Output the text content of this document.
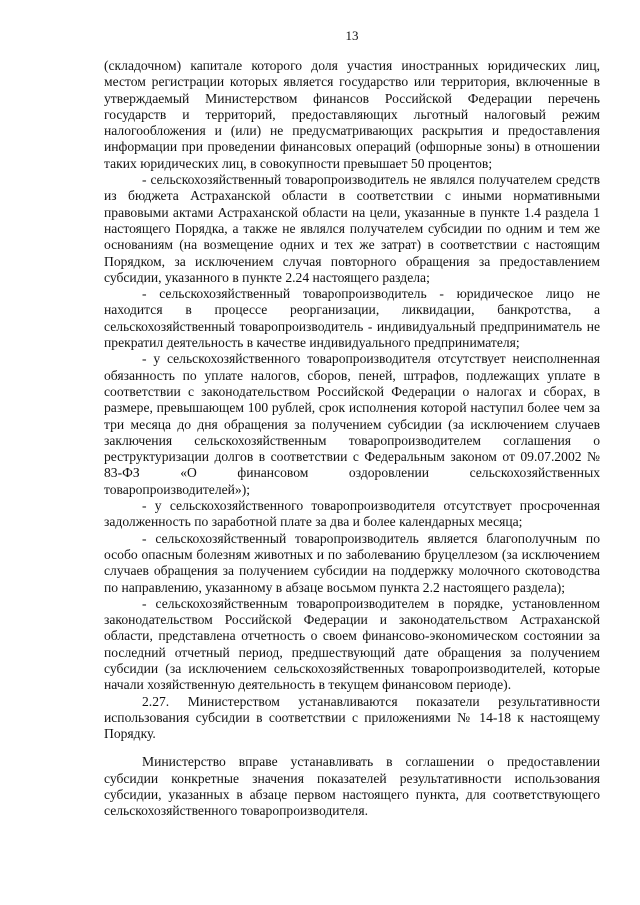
13

(складочном) капитале которого доля участия иностранных юридических лиц, местом регистрации которых является государство или территория, включенные в утверждаемый Министерством финансов Российской Федерации перечень государств и территорий, предоставляющих льготный налоговый режим налогообложения и (или) не предусматривающих раскрытия и предоставления информации при проведении финансовых операций (офшорные зоны) в отношении таких юридических лиц, в совокупности превышает 50 процентов;

- сельскохозяйственный товаропроизводитель не являлся получателем средств из бюджета Астраханской области в соответствии с иными нормативными правовыми актами Астраханской области на цели, указанные в пункте 1.4 раздела 1 настоящего Порядка, а также не являлся получателем субсидии по одним и тем же основаниям (на возмещение одних и тех же затрат) в соответствии с настоящим Порядком, за исключением случая повторного обращения за предоставлением субсидии, указанного в пункте 2.24 настоящего раздела;

- сельскохозяйственный товаропроизводитель - юридическое лицо не находится в процессе реорганизации, ликвидации, банкротства, а сельскохозяйственный товаропроизводитель - индивидуальный предприниматель не прекратил деятельность в качестве индивидуального предпринимателя;

- у сельскохозяйственного товаропроизводителя отсутствует неисполненная обязанность по уплате налогов, сборов, пеней, штрафов, подлежащих уплате в соответствии с законодательством Российской Федерации о налогах и сборах, в размере, превышающем 100 рублей, срок исполнения которой наступил более чем за три месяца до дня обращения за получением субсидии (за исключением случаев заключения сельскохозяйственным товаропроизводителем соглашения о реструктуризации долгов в соответствии с Федеральным законом от 09.07.2002 № 83-ФЗ «О финансовом оздоровлении сельскохозяйственных товаропроизводителей»);

- у сельскохозяйственного товаропроизводителя отсутствует просроченная задолженность по заработной плате за два и более календарных месяца;

- сельскохозяйственный товаропроизводитель является благополучным по особо опасным болезням животных и по заболеванию бруцеллезом (за исключением случаев обращения за получением субсидии на поддержку молочного скотоводства по направлению, указанному в абзаце восьмом пункта 2.2 настоящего раздела);

- сельскохозяйственным товаропроизводителем в порядке, установленном законодательством Российской Федерации и законодательством Астраханской области, представлена отчетность о своем финансово-экономическом состоянии за последний отчетный период, предшествующий дате обращения за получением субсидии (за исключением сельскохозяйственных товаропроизводителей, которые начали хозяйственную деятельность в текущем финансовом периоде).

2.27. Министерством устанавливаются показатели результативности использования субсидии в соответствии с приложениями № 14-18 к настоящему Порядку.

Министерство вправе устанавливать в соглашении о предоставлении субсидии конкретные значения показателей результативности использования субсидии, указанных в абзаце первом настоящего пункта, для соответствующего сельскохозяйственного товаропроизводителя.
